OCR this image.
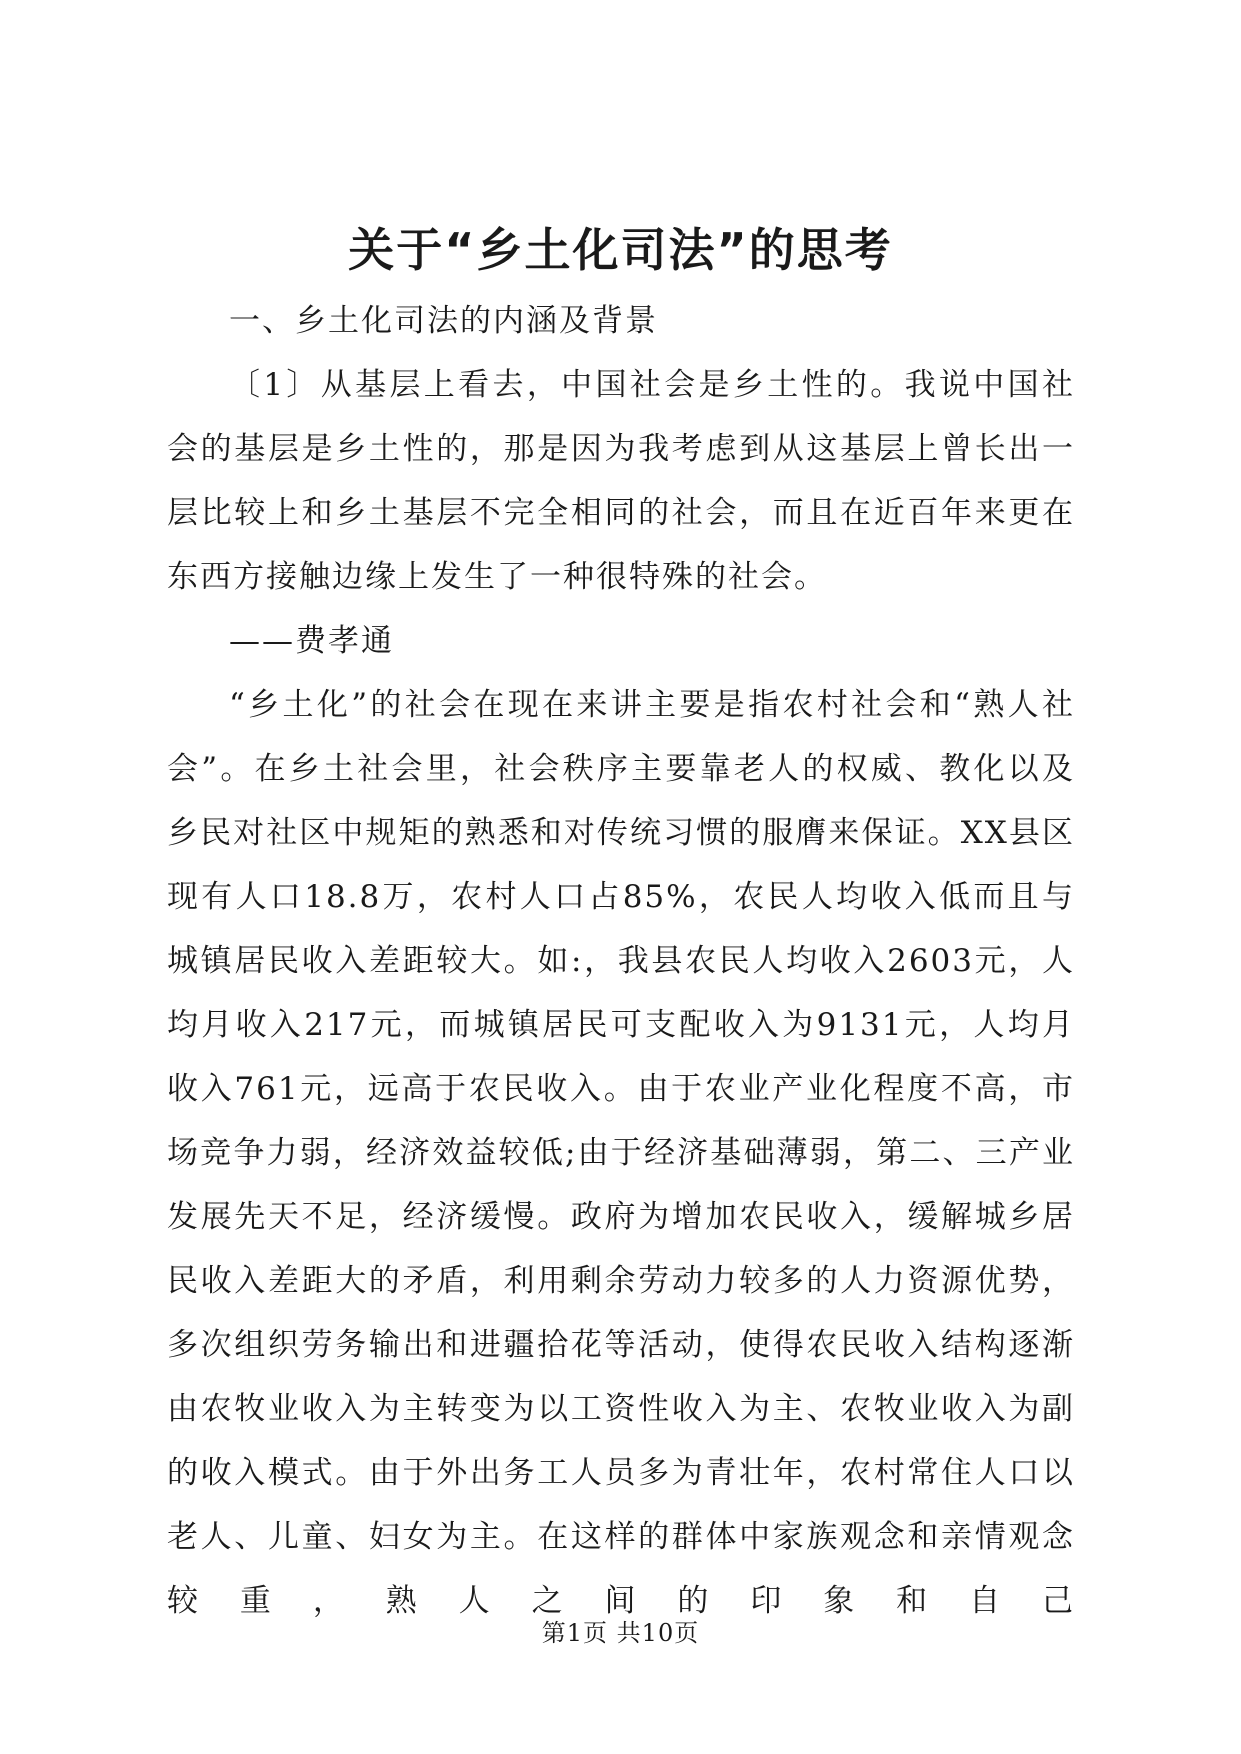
关于“乡土化司法”的思考

一、乡土化司法的内涵及背景

〔1〕从基层上看去，中国社会是乡土性的。我说中国社会的基层是乡土性的，那是因为我考虑到从这基层上曾长出一层比较上和乡土基层不完全相同的社会，而且在近百年来更在东西方接触边缘上发生了一种很特殊的社会。

——费孝通

“乡土化”的社会在现在来讲主要是指农村社会和“熟人社会”。在乡土社会里，社会秩序主要靠老人的权威、教化以及乡民对社区中规矩的熟悉和对传统习惯的服膺来保证。XX县区现有人口18.8万，农村人口占85%，农民人均收入低而且与城镇居民收入差距较大。如:，我县农民人均收入2603元，人均月收入217元，而城镇居民可支配收入为9131元，人均月收入761元，远高于农民收入。由于农业产业化程度不高，市场竞争力弱，经济效益较低;由于经济基础薄弱，第二、三产业发展先天不足，经济缓慢。政府为增加农民收入，缓解城乡居民收入差距大的矛盾，利用剩余劳动力较多的人力资源优势，多次组织劳务输出和进疆拾花等活动，使得农民收入结构逐渐由农牧业收入为主转变为以工资性收入为主、农牧业收入为副的收入模式。由于外出务工人员多为青壮年，农村常住人口以老人、儿童、妇女为主。在这样的群体中家族观念和亲情观念较重，熟人之间的印象和自己

第1页 共10页
